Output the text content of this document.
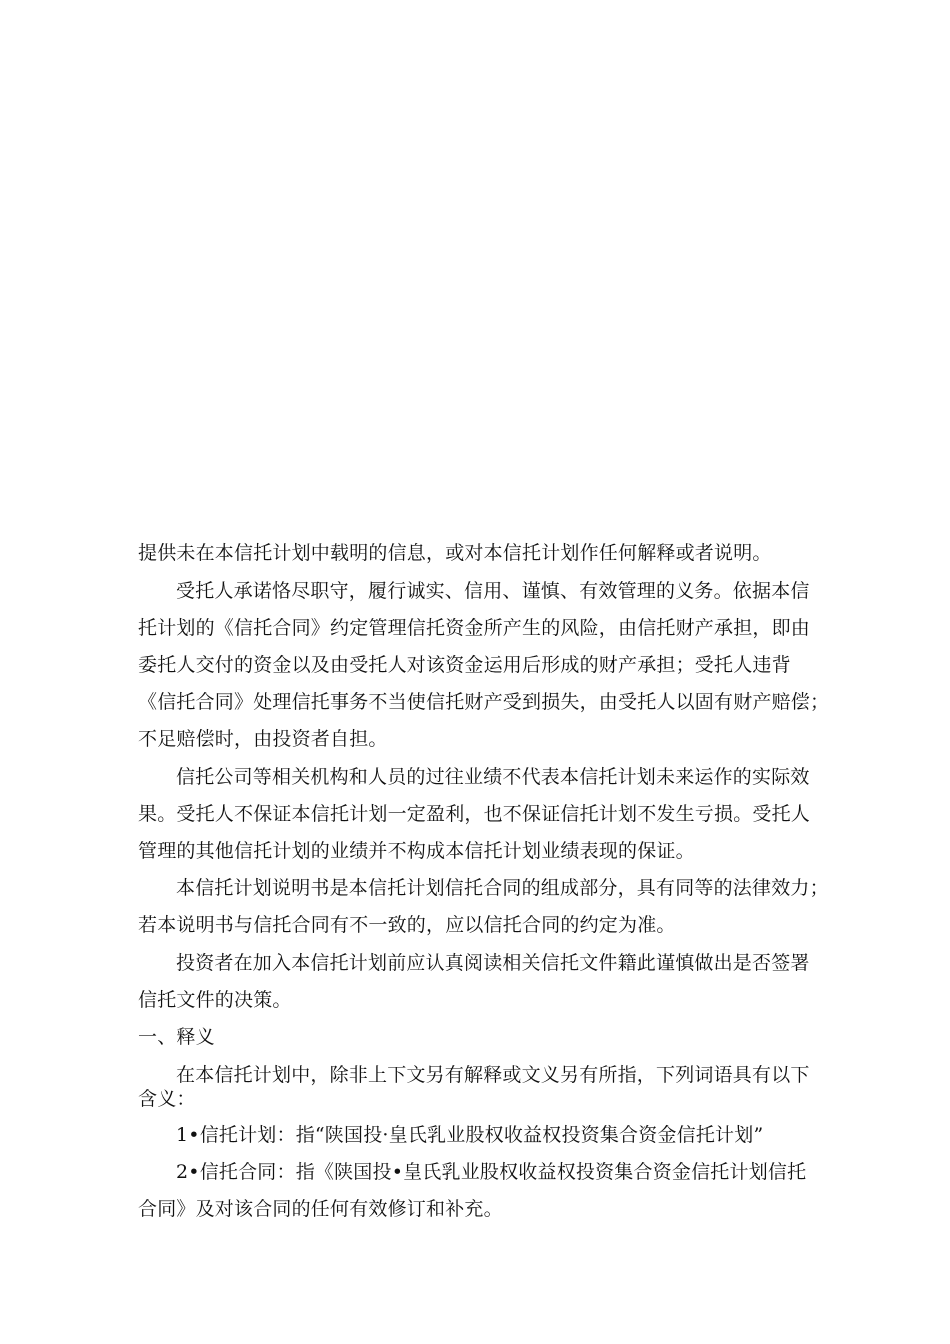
提供未在本信托计划中载明的信息，或对本信托计划作任何解释或者说明。
受托人承诺恪尽职守，履行诚实、信用、谨慎、有效管理的义务。依据本信
托计划的《信托合同》约定管理信托资金所产生的风险，由信托财产承担，即由
委托人交付的资金以及由受托人对该资金运用后形成的财产承担；受托人违背
《信托合同》处理信托事务不当使信托财产受到损失，由受托人以固有财产赔偿；
不足赔偿时，由投资者自担。
信托公司等相关机构和人员的过往业绩不代表本信托计划未来运作的实际效
果。受托人不保证本信托计划一定盈利，也不保证信托计划不发生亏损。受托人
管理的其他信托计划的业绩并不构成本信托计划业绩表现的保证。
本信托计划说明书是本信托计划信托合同的组成部分，具有同等的法律效力；
若本说明书与信托合同有不一致的，应以信托合同的约定为准。
投资者在加入本信托计划前应认真阅读相关信托文件籍此谨慎做出是否签署
信托文件的决策。
一、释义
在本信托计划中，除非上下文另有解释或文义另有所指，下列词语具有以下
含义：
1•信托计划：指“陕国投·皇氏乳业股权收益权投资集合资金信托计划”
2•信托合同：指《陕国投•皇氏乳业股权收益权投资集合资金信托计划信托
合同》及对该合同的任何有效修订和补充。
